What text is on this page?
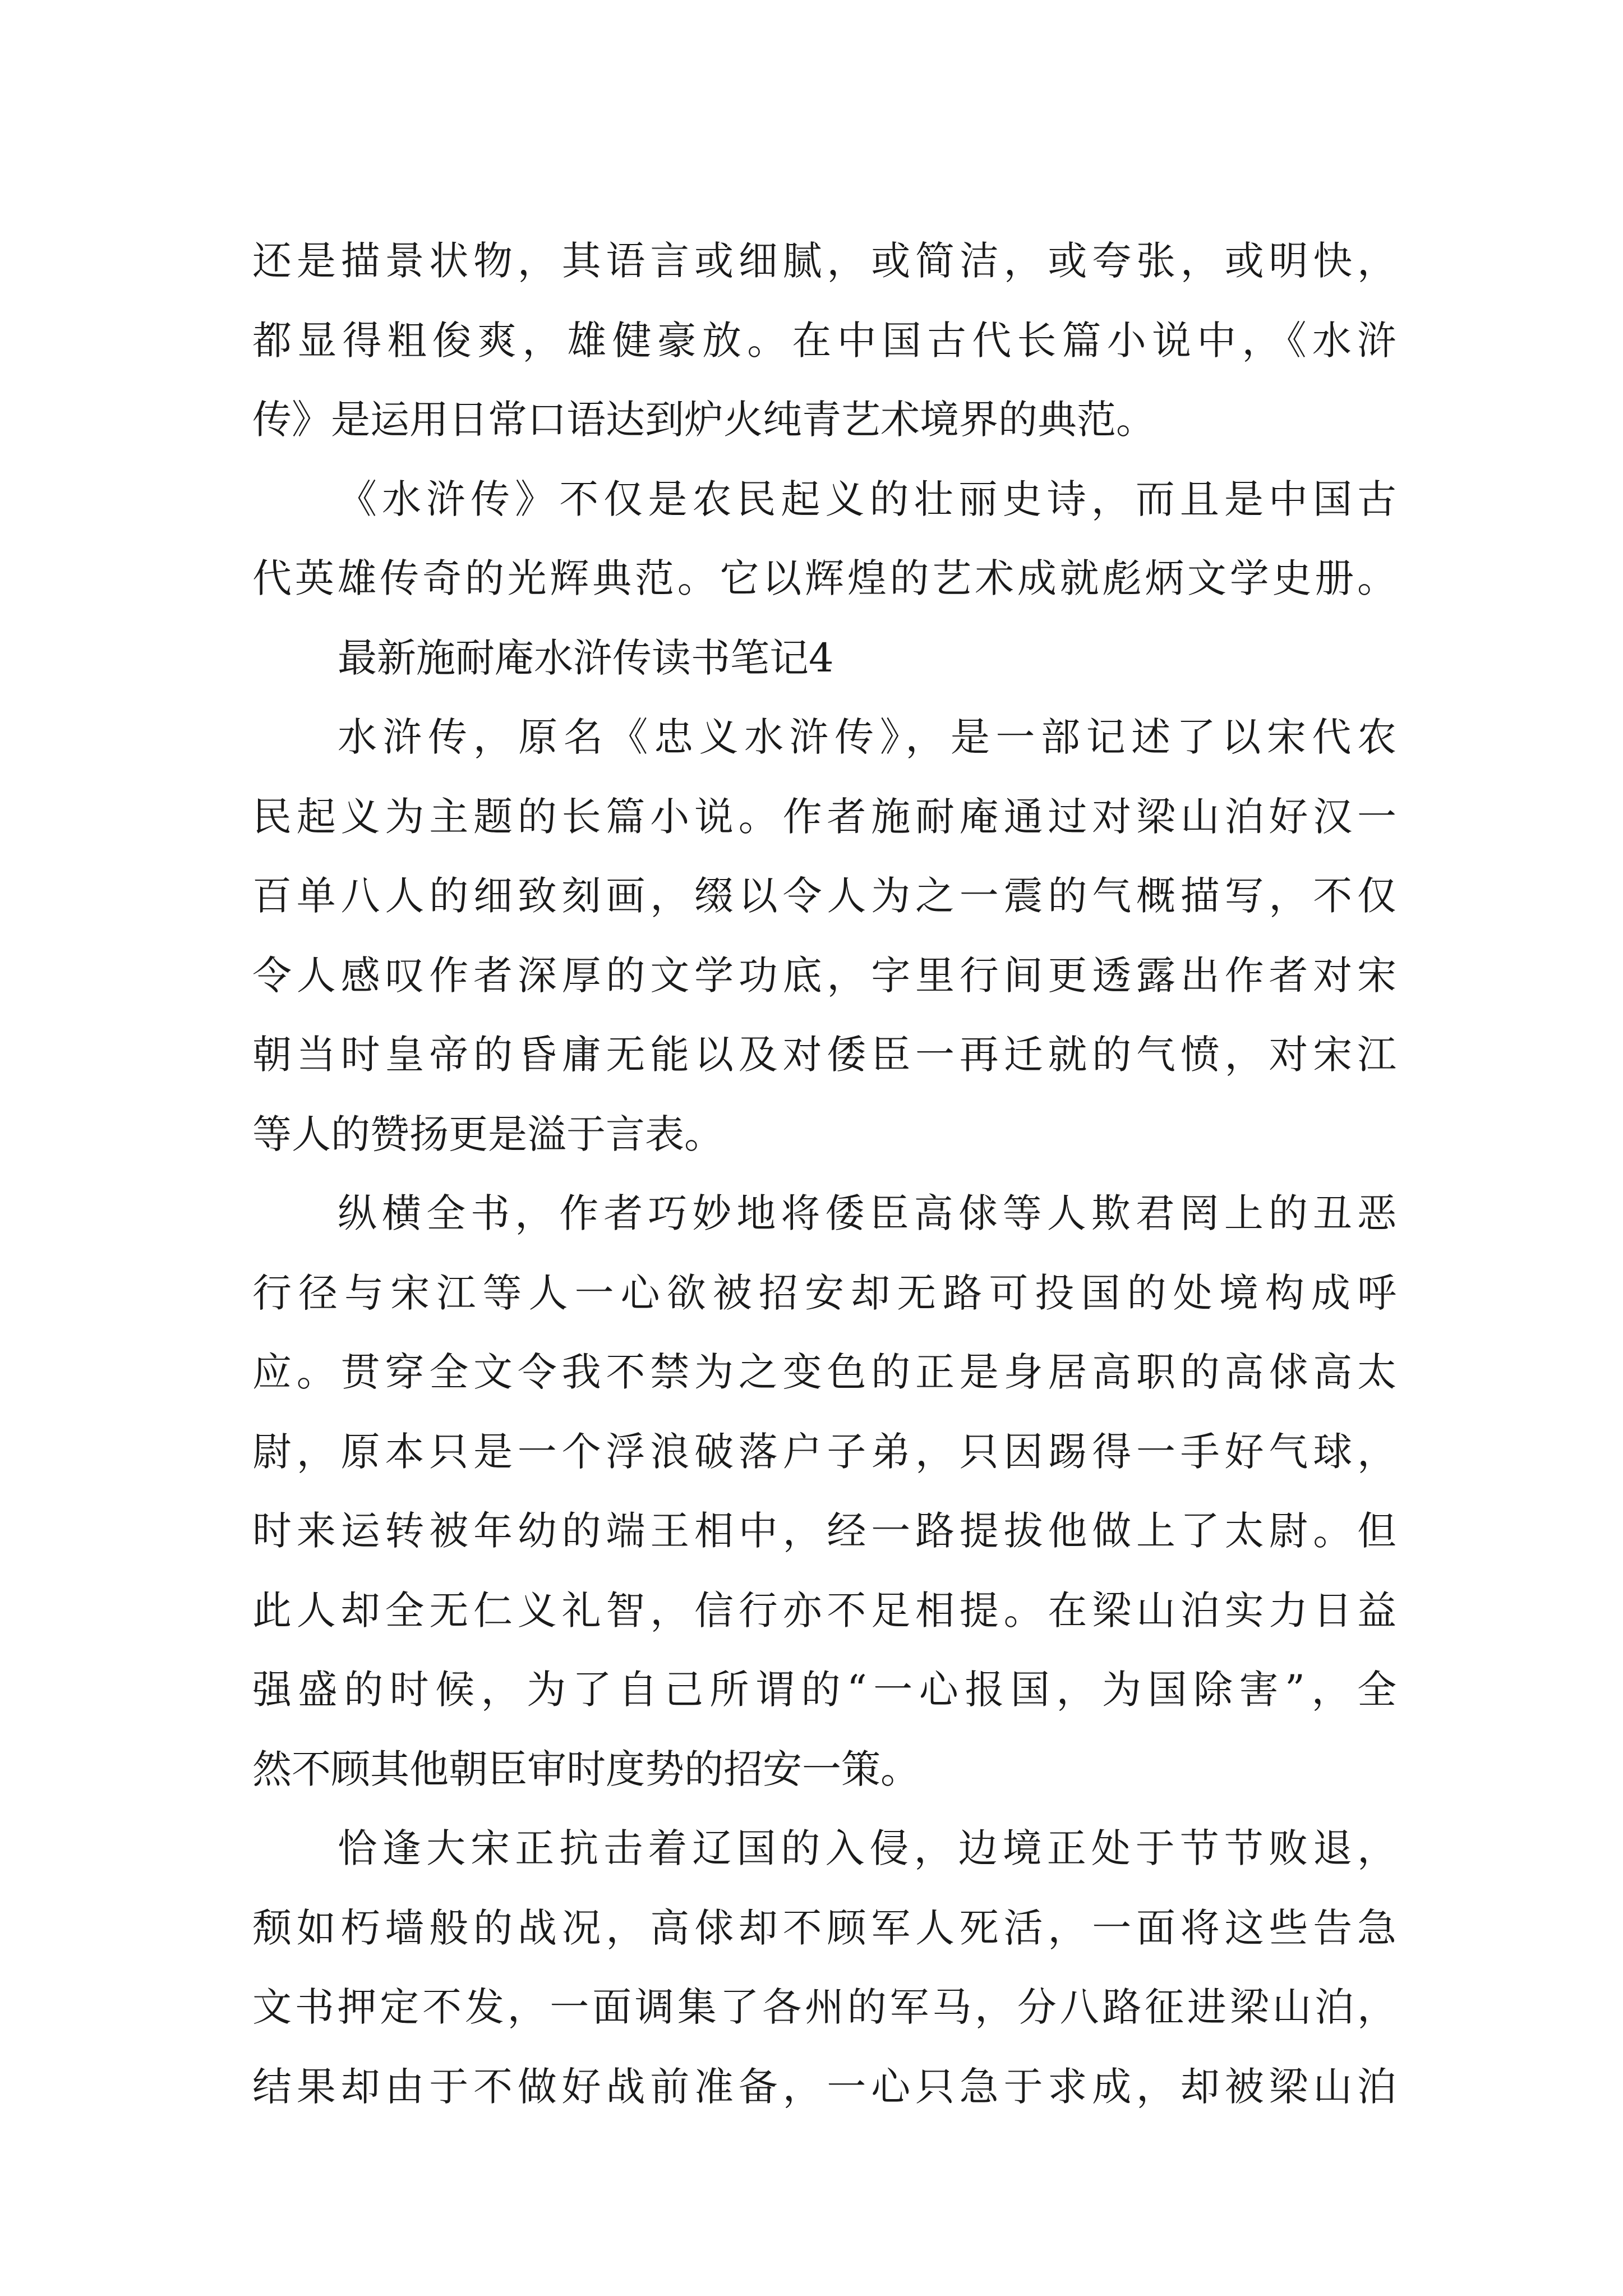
还是描景状物，其语言或细腻，或简洁，或夸张，或明快，
都显得粗俊爽，雄健豪放。在中国古代长篇小说中，《水浒
传》是运用日常口语达到炉火纯青艺术境界的典范。
《水浒传》不仅是农民起义的壮丽史诗，而且是中国古
代英雄传奇的光辉典范。它以辉煌的艺术成就彪炳文学史册。
最新施耐庵水浒传读书笔记4
水浒传，原名《忠义水浒传》，是一部记述了以宋代农
民起义为主题的长篇小说。作者施耐庵通过对梁山泊好汉一
百单八人的细致刻画，缀以令人为之一震的气概描写，不仅
令人感叹作者深厚的文学功底，字里行间更透露出作者对宋
朝当时皇帝的昏庸无能以及对倭臣一再迁就的气愤，对宋江
等人的赞扬更是溢于言表。
纵横全书，作者巧妙地将倭臣高俅等人欺君罔上的丑恶
行径与宋江等人一心欲被招安却无路可投国的处境构成呼
应。贯穿全文令我不禁为之变色的正是身居高职的高俅高太
尉，原本只是一个浮浪破落户子弟，只因踢得一手好气球，
时来运转被年幼的端王相中，经一路提拔他做上了太尉。但
此人却全无仁义礼智，信行亦不足相提。在梁山泊实力日益
强盛的时候，为了自己所谓的“一心报国，为国除害”，全
然不顾其他朝臣审时度势的招安一策。
恰逢大宋正抗击着辽国的入侵，边境正处于节节败退，
颓如朽墙般的战况，高俅却不顾军人死活，一面将这些告急
文书押定不发，一面调集了各州的军马，分八路征进梁山泊，
结果却由于不做好战前准备，一心只急于求成，却被梁山泊
